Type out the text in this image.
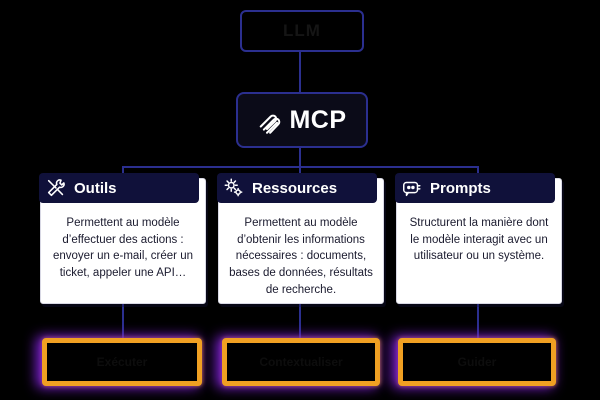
LLM
MCP
Outils
Permettent au modèle d’effectuer des actions : envoyer un e-mail, créer un ticket, appeler une API…
Ressources
Permettent au modèle d’obtenir les informations nécessaires : documents, bases de données, résultats de recherche.
Prompts
Structurent la manière dont le modèle interagit avec un utilisateur ou un système.
Exécuter	Contextualiser	Guider
